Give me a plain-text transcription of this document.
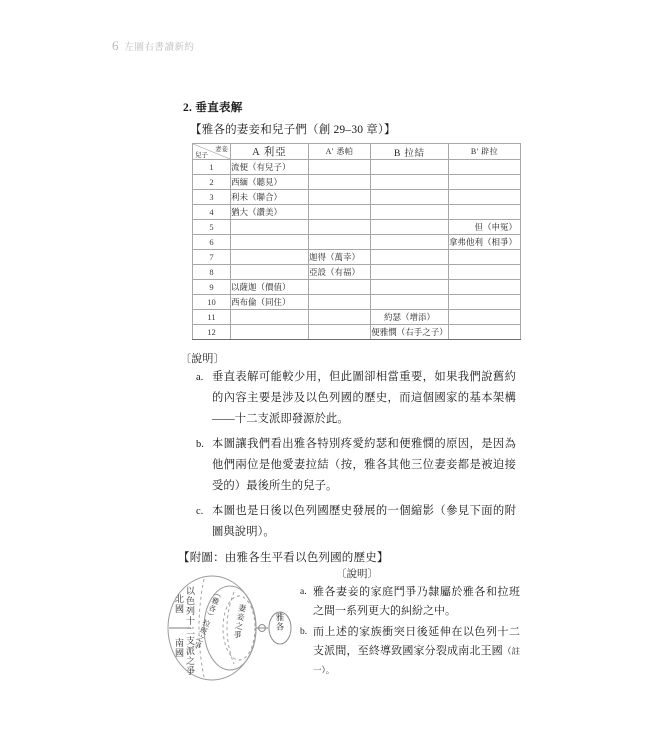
6 左圖右書讀新約
2. 垂直表解
【雅各的妻妾和兒子們（創 29–30 章）】
妻妾
兒子	A 利亞	A' 悉帕	B 拉結	B' 辟拉
1	流便（有兒子）			
2	西緬（聽見）			
3	利未（聯合）			
4	猶大（讚美）			
5				但（申冤）
6				拿弗他利（相爭）
7		迦得（萬幸）		
8		亞設（有福）		
9	以薩迦（價值）			
10	西布倫（同住）			
11			約瑟（增添）	
12			便雅憫（右手之子）	
〔說明〕
a. 垂直表解可能較少用，但此圖卻相當重要，如果我們說舊約的內容主要是涉及以色列國的歷史，而這個國家的基本架構——十二支派即發源於此。
b. 本圖讓我們看出雅各特別疼愛約瑟和便雅憫的原因，是因為他們兩位是他愛妻拉結（按，雅各其他三位妻妾都是被迫接受的）最後所生的兒子。
c. 本圖也是日後以色列國歷史發展的一個縮影（參見下面的附圖與說明）。
【附圖：由雅各生平看以色列國的歷史】
〔說明〕
a. 雅各妻妾的家庭鬥爭乃隸屬於雅各和拉班之間一系列更大的糾紛之中。
b. 而上述的家族衝突日後延伸在以色列十二支派間，至終導致國家分裂成南北王國（註一）。
以色列十二支派之爭
北國
南國 （雅各）拉班之爭 妻妾之爭	雅各
